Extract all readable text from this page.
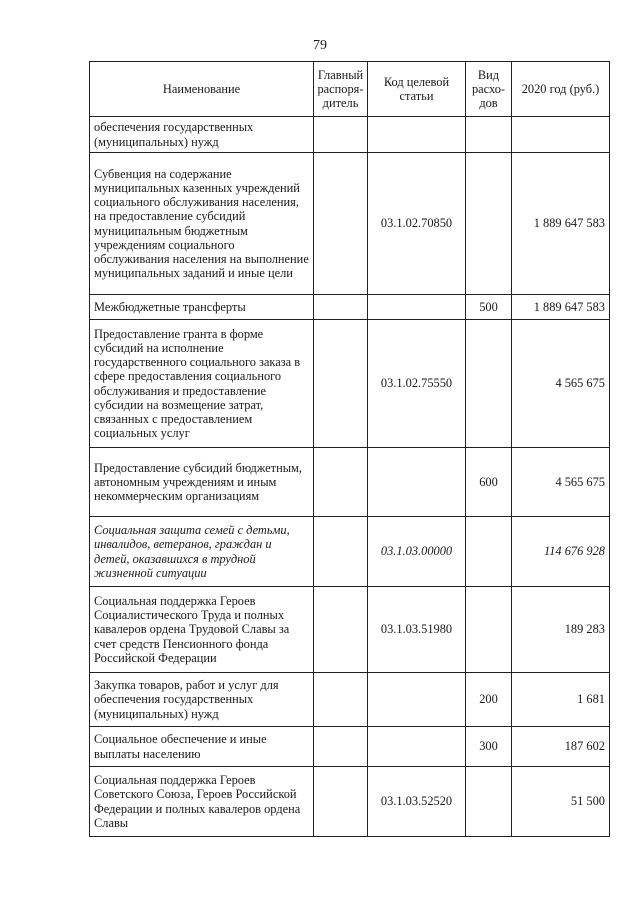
79
Наименование	Главный распоря-дитель	Код целевой статьи	Вид расхо-дов	2020 год (руб.)
обеспечения государственных (муниципальных) нужд				
Субвенция на содержание муниципальных казенных учреждений социального обслуживания населения, на предоставление субсидий муниципальным бюджетным учреждениям социального обслуживания населения на выполнение муниципальных заданий и иные цели		03.1.02.70850		1 889 647 583
Межбюджетные трансферты			500	1 889 647 583
Предоставление гранта в форме субсидий на исполнение государственного социального заказа в сфере предоставления социального обслуживания и предоставление субсидии на возмещение затрат, связанных с предоставлением социальных услуг		03.1.02.75550		4 565 675
Предоставление субсидий бюджетным, автономным учреждениям и иным некоммерческим организациям			600	4 565 675
Социальная защита семей с детьми, инвалидов, ветеранов, граждан и детей, оказавшихся в трудной жизненной ситуации		03.1.03.00000		114 676 928
Социальная поддержка Героев Социалистического Труда и полных кавалеров ордена Трудовой Славы за счет средств Пенсионного фонда Российской Федерации		03.1.03.51980		189 283
Закупка товаров, работ и услуг для обеспечения государственных (муниципальных) нужд			200	1 681
Социальное обеспечение и иные выплаты населению			300	187 602
Социальная поддержка Героев Советского Союза, Героев Российской Федерации и полных кавалеров ордена Славы		03.1.03.52520		51 500
